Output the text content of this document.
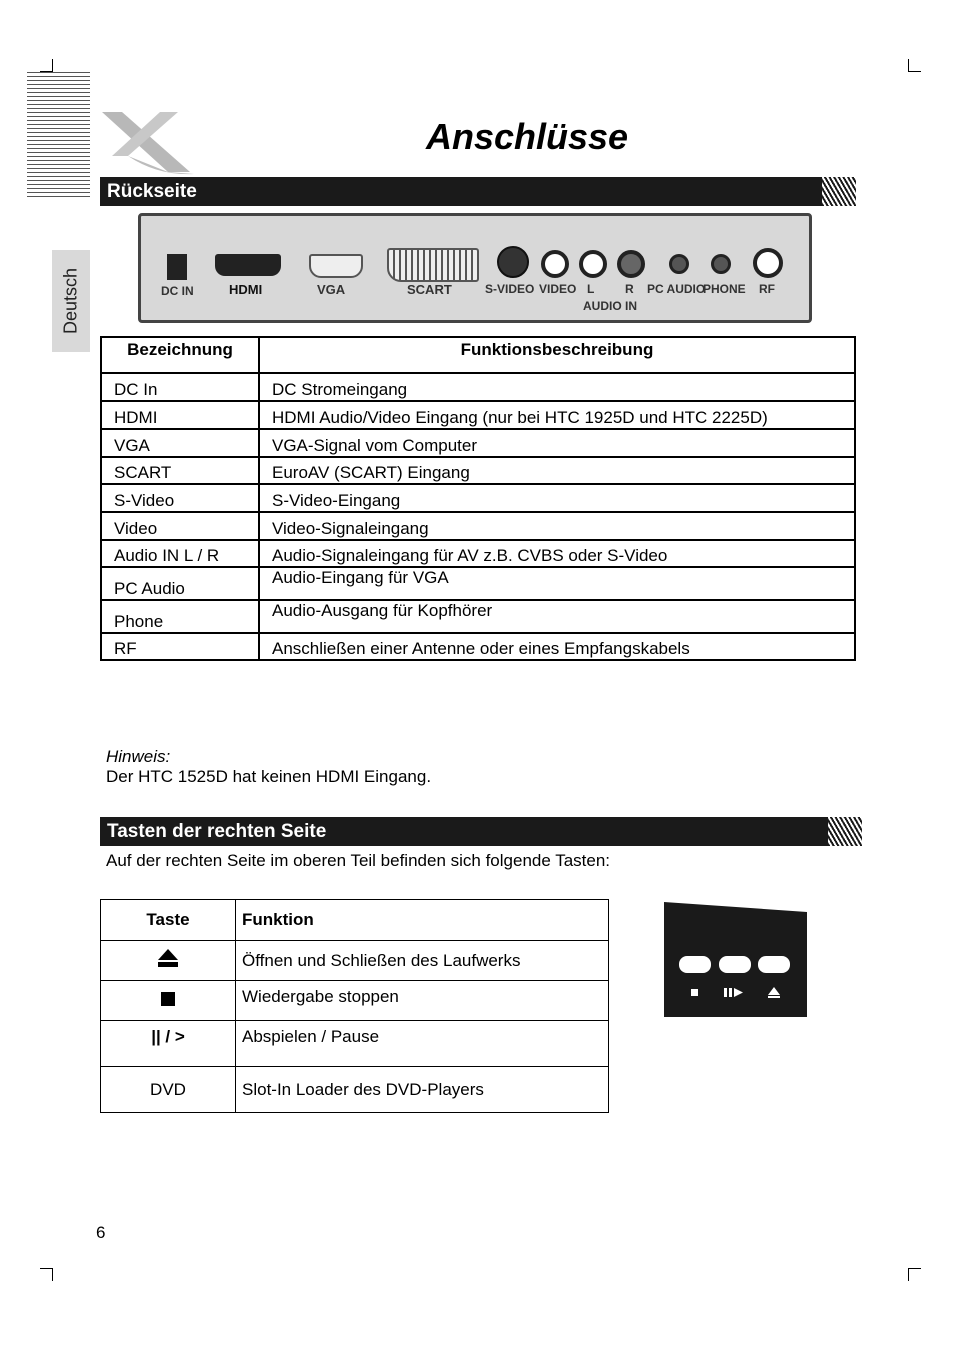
Deutsch
Anschlüsse
Rückseite
DC IN	HDMI	VGA	SCART	S-VIDEO VIDEO L	R
AUDIO IN
PC AUDIO
PHONE RF
Bezeichnung	Funktionsbeschreibung
DC In	DC Stromeingang
HDMI	HDMI Audio/Video Eingang (nur bei HTC 1925D und HTC 2225D)
VGA	VGA-Signal vom Computer
SCART	EuroAV (SCART) Eingang
S-Video	S-Video-Eingang
Video	Video-Signaleingang
Audio IN L / R	Audio-Signaleingang für AV z.B. CVBS oder S-Video
PC Audio	Audio-Eingang für VGA
Phone	Audio-Ausgang für Kopfhörer
RF	Anschließen einer Antenne oder eines Empfangskabels
Hinweis:
Der HTC 1525D hat keinen HDMI Eingang.
Tasten der rechten Seite
Auf der rechten Seite im oberen Teil befinden sich folgende Tasten:
Taste	Funktion
	Öffnen und Schließen des Laufwerks
	Wiedergabe stoppen
|| / >	Abspielen / Pause
DVD	Slot-In Loader des DVD-Players
6
